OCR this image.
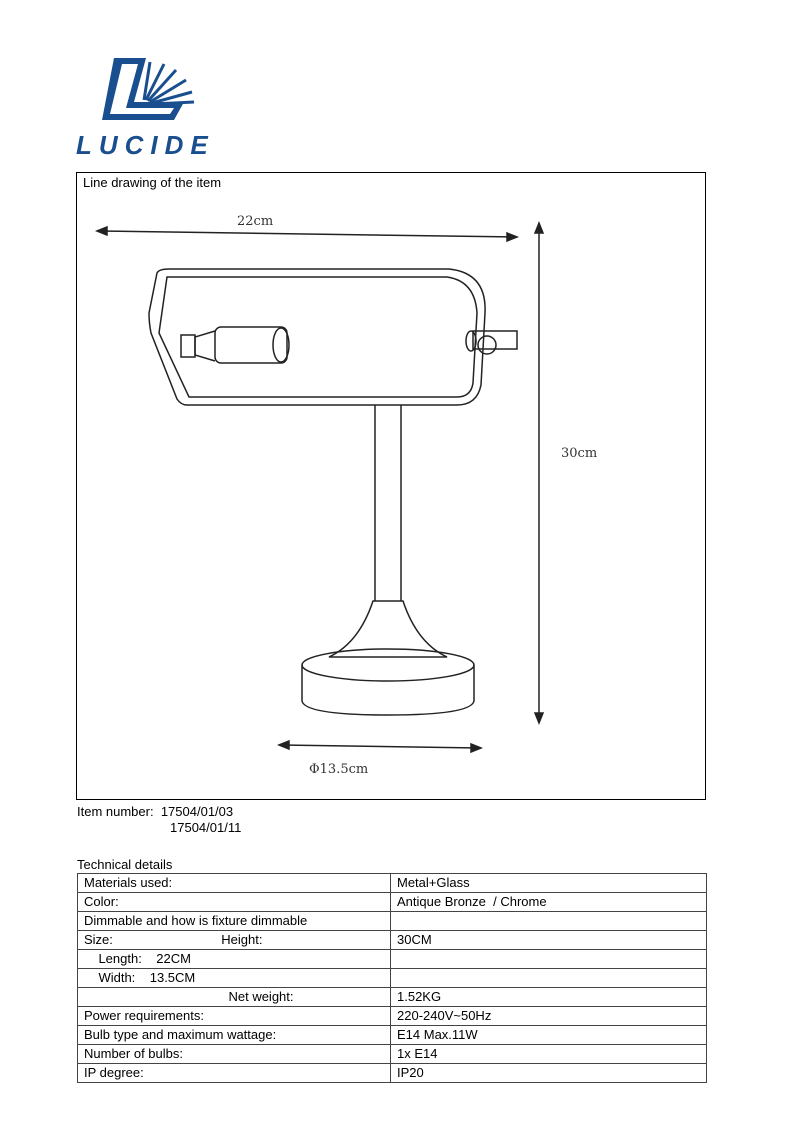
LUCIDE
Line drawing of the item
22cm
30cm
Φ13.5cm
Item number: 17504/01/03
17504/01/11
Technical details
Materials used:	Metal+Glass
Color:	Antique Bronze  / Chrome
Dimmable and how is fixture dimmable	
Size:                              Height:	30CM
Length:    22CM	
Width:    13.5CM	
Net weight:	1.52KG
Power requirements:	220-240V~50Hz
Bulb type and maximum wattage:	E14 Max.11W
Number of bulbs:	1x E14
IP degree:	IP20
